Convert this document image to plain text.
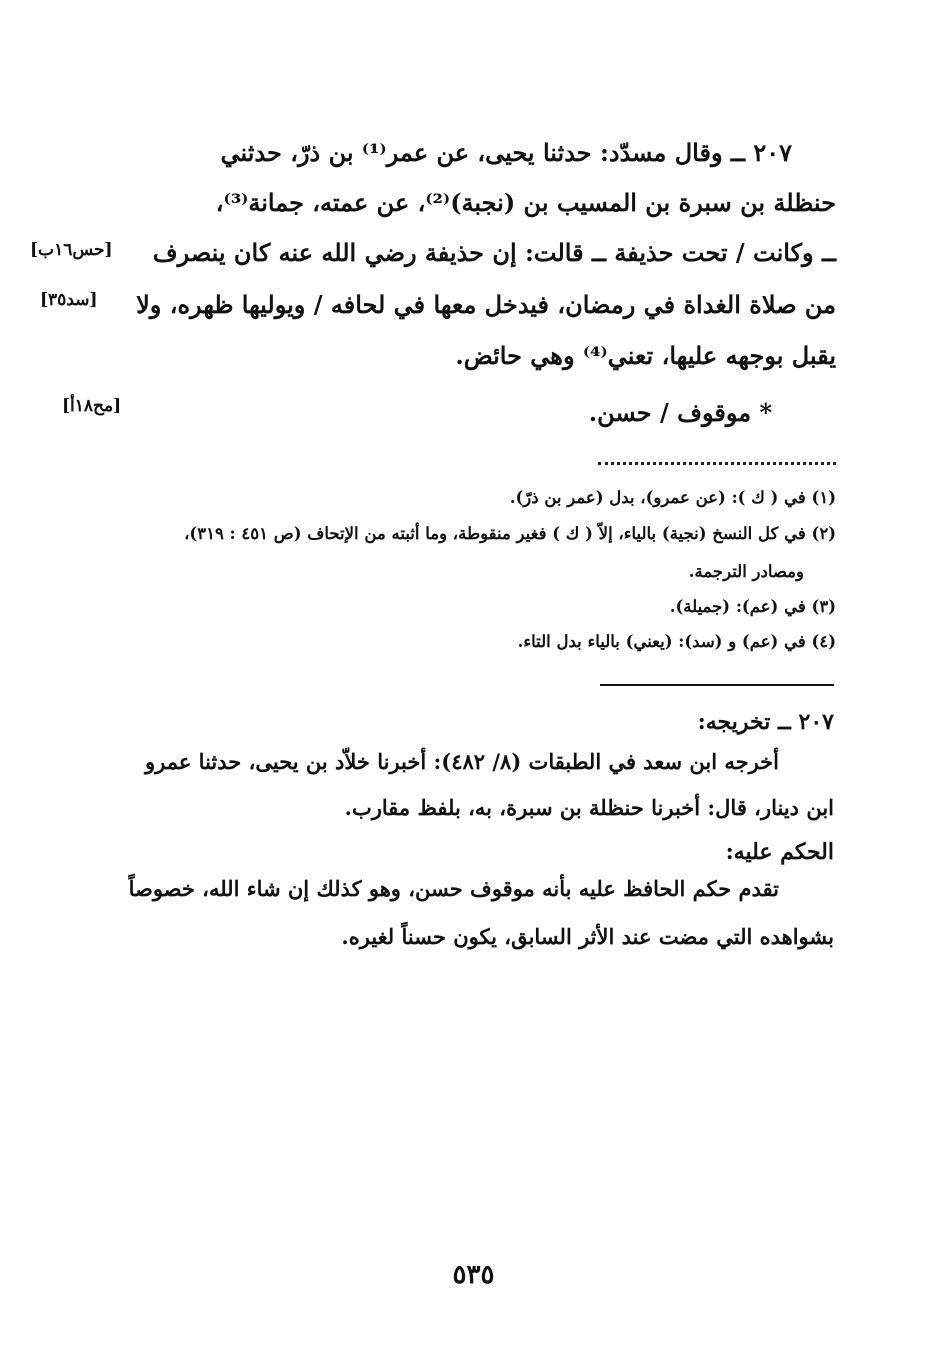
٢٠٧ ــ وقال مسدّد: حدثنا يحيى، عن عمر⁽¹⁾ بن ذرّ، حدثني
حنظلة بن سبرة بن المسيب بن (نجبة)⁽²⁾، عن عمته، جمانة⁽³⁾،
ــ وكانت / تحت حذيفة ــ قالت: إن حذيفة رضي الله عنه كان ينصرف
من صلاة الغداة في رمضان، فيدخل معها في لحافه / ويوليها ظهره، ولا
يقبل بوجهه عليها، تعني⁽⁴⁾ وهي حائض.
* موقوف / حسن.
[حس١٦ب]
[سد٣٥]
[مح١٨أ]
(١) في ( ك ): (عن عمرو)، بدل (عمر بن ذرّ).
(٢) في كل النسخ (نجية) بالياء، إلاّ ( ك ) فغير منقوطة، وما أثبته من الإتحاف (ص ٤٥١ : ٣١٩)،
ومصادر الترجمة.
(٣) في (عم): (جميلة).
(٤) في (عم) و (سد): (يعني) بالياء بدل التاء.
٢٠٧ ــ تخريجه:
أخرجه ابن سعد في الطبقات (٨/ ٤٨٢): أخبرنا خلاّد بن يحيى، حدثنا عمرو
ابن دينار، قال: أخبرنا حنظلة بن سبرة، به، بلفظ مقارب.
الحكم عليه:
تقدم حكم الحافظ عليه بأنه موقوف حسن، وهو كذلك إن شاء الله، خصوصاً
بشواهده التي مضت عند الأثر السابق، يكون حسناً لغيره.
٥٣٥
